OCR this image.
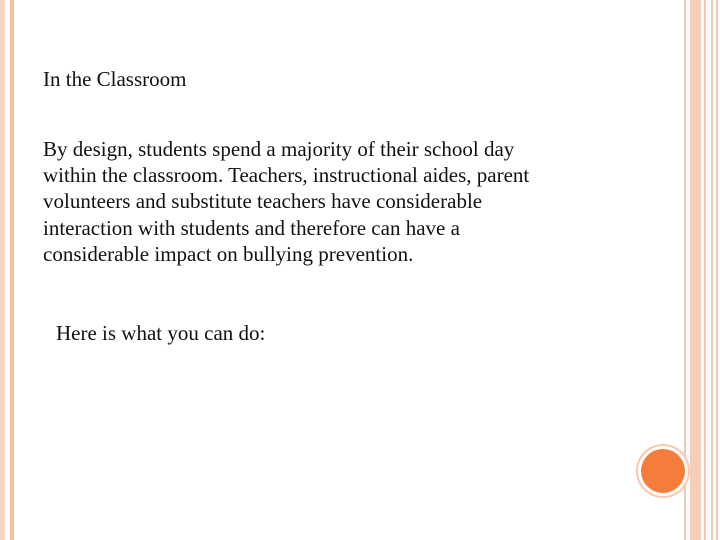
In the Classroom

By design, students spend a majority of their school day
within the classroom. Teachers, instructional aides, parent
volunteers and substitute teachers have considerable
interaction with students and therefore can have a
considerable impact on bullying prevention.

Here is what you can do:
